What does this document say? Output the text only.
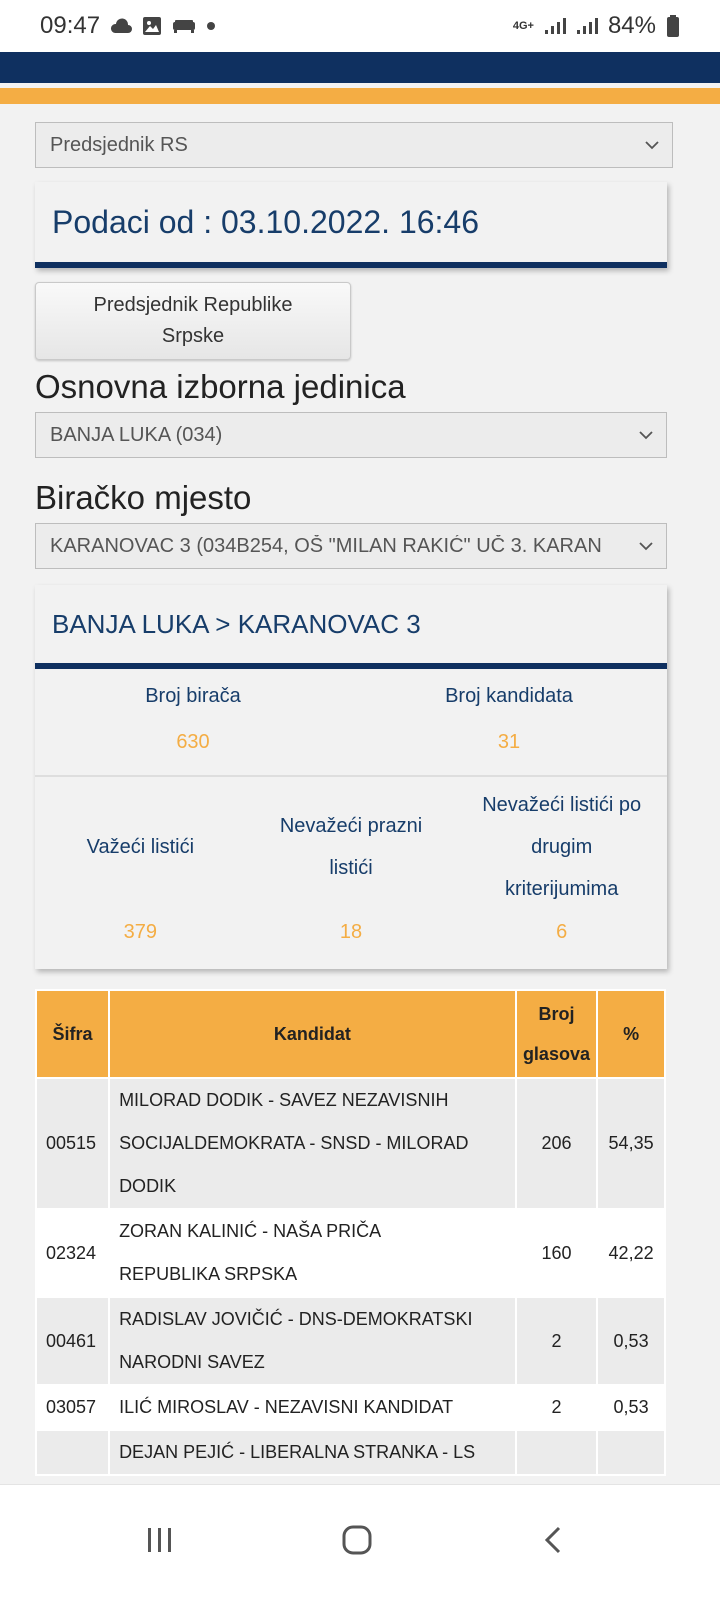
09:47	4G+	84%
Predsjednik RS
Podaci od : 03.10.2022. 16:46
Predsjednik Republike
Srpske
Osnovna izborna jedinica
BANJA LUKA (034)
Biračko mjesto
KARANOVAC 3 (034B254, OŠ "MILAN RAKIĆ" UČ 3. KARAN
BANJA LUKA > KARANOVAC 3
Broj birača
630
Broj kandidata
31
Važeći listići
379
Nevažeći prazni
listići
18
Nevažeći listići po
drugim
kriterijumima
6
Šifra	Kandidat	Broj
glasova	%
00515	MILORAD DODIK - SAVEZ NEZAVISNIH
SOCIJALDEMOKRATA - SNSD - MILORAD
DODIK	206	54,35
02324	ZORAN KALINIĆ - NAŠA PRIČA
REPUBLIKA SRPSKA	160	42,22
00461	RADISLAV JOVIČIĆ - DNS-DEMOKRATSKI
NARODNI SAVEZ	2	0,53
03057	ILIĆ MIROSLAV - NEZAVISNI KANDIDAT	2	0,53

	DEJAN PEJIĆ - LIBERALNA STRANKA - LS		
